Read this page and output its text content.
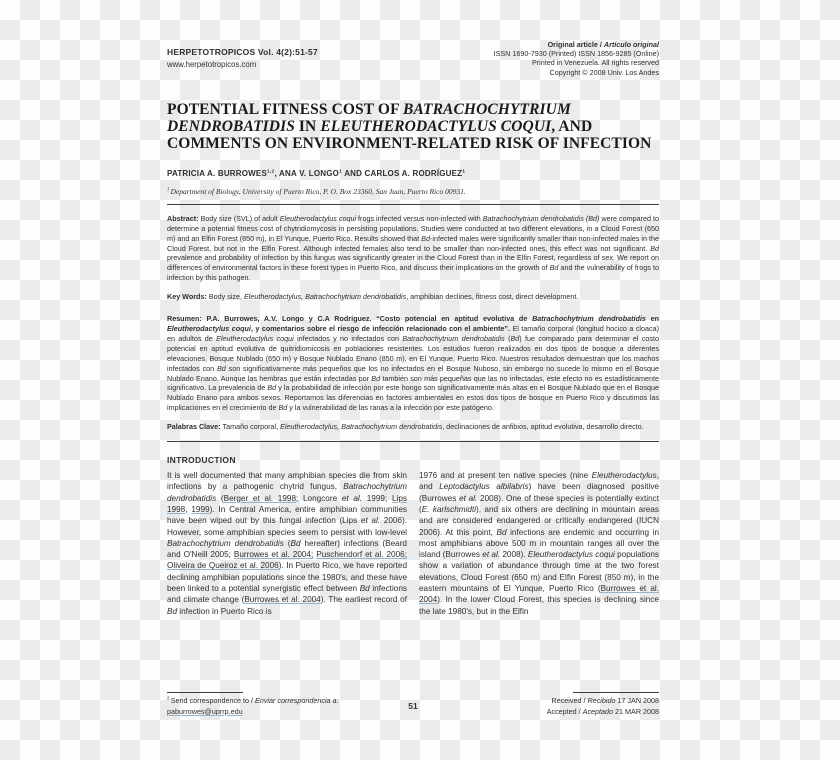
HERPETOTROPICOS Vol. 4(2):51-57
www.herpetotropicos.com
Original article / Artículo original
ISSN 1690-7930 (Printed) ISSN 1856-9285 (Online)
Printed in Venezuela. All rights reserved
Copyright © 2008 Univ. Los Andes
POTENTIAL FITNESS COST OF BATRACHOCHYTRIUM DENDROBATIDIS IN ELEUTHERODACTYLUS COQUI, AND COMMENTS ON ENVIRONMENT-RELATED RISK OF INFECTION
PATRICIA A. BURROWES$^{1,2}$, ANA V. LONGO$^1$ AND CARLOS A. RODRÍGUEZ$^1$
$^1$ Department of Biology, University of Puerto Rico, P. O. Box 23360, San Juan, Puerto Rico 00931.

Abstract: Body size (SVL) of adult Eleutherodactylus coqui frogs infected versus non-infected with Batrachochytrium dendrobatidis (Bd) were compared to determine a potential fitness cost of chytridiomycosis in persisting populations. Studies were conducted at two different elevations, in a Cloud Forest (650 m) and an Elfin Forest (850 m), in El Yunque, Puerto Rico. Results showed that Bd-infected males were significantly smaller than non-infected males in the Cloud Forest, but not in the Elfin Forest. Although infected females also tend to be smaller than non-infected ones, this effect was not significant. Bd prevalence and probability of infection by this fungus was significantly greater in the Cloud Forest than in the Elfin Forest, regardless of sex. We report on differences of environmental factors in these forest types in Puerto Rico, and discuss their implications on the growth of Bd and the vulnerability of frogs to infection by this pathogen.

Key Words: Body size, Eleutherodactylus, Batrachochytrium dendrobatidis, amphibian declines, fitness cost, direct development.

Resumen: P.A. Burrowes, A.V. Longo y C.A Rodríguez. “Costo potencial en aptitud evolutiva de Batrachochytrium dendrobatidis en Eleutherodactylus coqui, y comentarios sobre el riesgo de infección relacionado con el ambiente”. El tamaño corporal (longitud hocico a cloaca) en adultos de Eleutherodactylus coqui infectados y no infectados con Batrachochytrium dendrobatidis (Bd) fue comparado para determinar el costo potencial en aptitud evolutiva de quitridiomicosis en poblaciones resistentes. Los estudios fueron realizados en dos tipos de bosque a diferentes elevaciones, Bosque Nublado (650 m) y Bosque Nublado Enano (850 m), en El Yunque, Puerto Rico. Nuestros resultados demuestran que los machos infectados con Bd son significativamente más pequeños que los no infectados en el Bosque Nuboso, sin embargo no sucede lo mismo en el Bosque Nublado Enano. Aunque las hembras que están infectadas por Bd también son más pequeñas que las no infectadas, este efecto no es estadísticamente significativo. La prevalencia de Bd y la probabilidad de infección por este hongo son significativamente más altas en el Bosque Nublado que en el Bosque Nublado Enano para ambos sexos. Reportamos las diferencias en factores ambientales en estos dos tipos de bosque en Puerto Rico y discutimos las implicaciones en el crecimiento de Bd y la vulnerabilidad de las ranas a la infección por este patógeno.

Palabras Clave: Tamaño corporal, Eleutherodactylus, Batrachochytrium dendrobatidis, declinaciones de anfibios, aptitud evolutiva, desarrollo directo.

INTRODUCTION
It is well documented that many amphibian species die from skin infections by a pathogenic chytrid fungus, Batrachochytrium dendrobatidis (Berger et al. 1998; Longcore et al. 1999; Lips 1998, 1999). In Central America, entire amphibian communities have been wiped out by this fungal infection (Lips et al. 2006). However, some amphibian species seem to persist with low-level Batrachochytrium dendrobatidis (Bd hereafter) infections (Beard and O'Neill 2005; Burrowes et al. 2004; Puschendorf et al. 2006; Oliveira de Queiroz et al. 2006). In Puerto Rico, we have reported declining amphibian populations since the 1980's, and these have been linked to a potential synergistic effect between Bd infections and climate change (Burrowes et al. 2004). The earliest record of Bd infection in Puerto Rico is
1976 and at present ten native species (nine Eleutherodactylus, and Leptodactylus albilabris) have been diagnosed positive (Burrowes et al. 2008). One of these species is potentially extinct (E. karlschmidti), and six others are declining in mountain areas and are considered endangered or critically endangered (IUCN 2006). At this point, Bd infections are endemic and occurring in most amphibians above 500 m in mountain ranges all over the island (Burrowes et al. 2008). Eleutherodactylus coqui populations show a variation of abundance through time at the two forest elevations, Cloud Forest (650 m) and Elfin Forest (850 m), in the eastern mountains of El Yunque, Puerto Rico (Burrowes et al. 2004). In the lower Cloud Forest, this species is declining since the late 1980's, but in the Elfin
$^2$ Send correspondence to / Enviar correspondencia a:
paburrowes@uprrp.edu	51
Received / Recibido 17 JAN 2008
Accepted / Aceptado 21 MAR 2008
